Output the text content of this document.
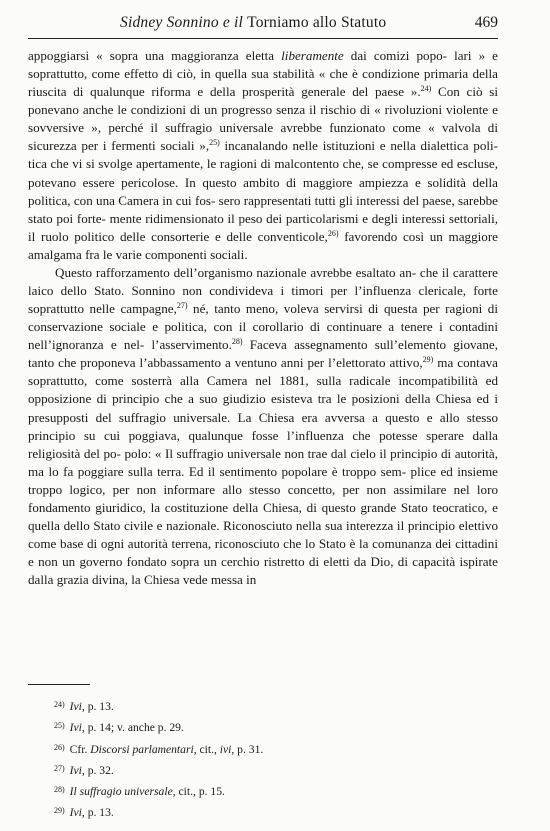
Sidney Sonnino e il Torniamo allo Statuto	469

appoggiarsi « sopra una maggioranza eletta liberamente dai comizi popo- lari » e soprattutto, come effetto di ciò, in quella sua stabilità « che è condizione primaria della riuscita di qualunque riforma e della prosperità generale del paese ».$^{24)}$ Con ciò si ponevano anche le condizioni di un progresso senza il rischio di « rivoluzioni violente e sovversive », perché il suffragio universale avrebbe funzionato come « valvola di sicurezza per i fermenti sociali »,$^{25)}$ incanalando nelle istituzioni e nella dialettica poli- tica che vi si svolge apertamente, le ragioni di malcontento che, se compresse ed escluse, potevano essere pericolose. In questo ambito di maggiore ampiezza e solidità della politica, con una Camera in cui fos- sero rappresentati tutti gli interessi del paese, sarebbe stato poi forte- mente ridimensionato il peso dei particolarismi e degli interessi settoriali, il ruolo politico delle consorterie e delle conventicole,$^{26)}$ favorendo così un maggiore amalgama fra le varie componenti sociali.

Questo rafforzamento dell’organismo nazionale avrebbe esaltato an- che il carattere laico dello Stato. Sonnino non condivideva i timori per l’influenza clericale, forte soprattutto nelle campagne,$^{27)}$ né, tanto meno, voleva servirsi di questa per ragioni di conservazione sociale e politica, con il corollario di continuare a tenere i contadini nell’ignoranza e nel- l’asservimento.$^{28)}$ Faceva assegnamento sull’elemento giovane, tanto che proponeva l’abbassamento a ventuno anni per l’elettorato attivo,$^{29)}$ ma contava soprattutto, come sosterrà alla Camera nel 1881, sulla radicale incompatibilità ed opposizione di principio che a suo giudizio esisteva tra le posizioni della Chiesa ed i presupposti del suffragio universale. La Chiesa era avversa a questo e allo stesso principio su cui poggiava, qualunque fosse l’influenza che potesse sperare dalla religiosità del po- polo: « Il suffragio universale non trae dal cielo il principio di autorità, ma lo fa poggiare sulla terra. Ed il sentimento popolare è troppo sem- plice ed insieme troppo logico, per non informare allo stesso concetto, per non assimilare nel loro fondamento giuridico, la costituzione della Chiesa, di questo grande Stato teocratico, e quella dello Stato civile e nazionale. Riconosciuto nella sua interezza il principio elettivo come base di ogni autorità terrena, riconosciuto che lo Stato è la comunanza dei cittadini e non un governo fondato sopra un cerchio ristretto di eletti da Dio, di capacità ispirate dalla grazia divina, la Chiesa vede messa in

$^{24)}$ Ivi, p. 13.
$^{25)}$ Ivi, p. 14; v. anche p. 29.
$^{26)}$ Cfr. Discorsi parlamentari, cit., ivi, p. 31.
$^{27)}$ Ivi, p. 32.
$^{28)}$ Il suffragio universale, cit., p. 15.
$^{29)}$ Ivi, p. 13.
